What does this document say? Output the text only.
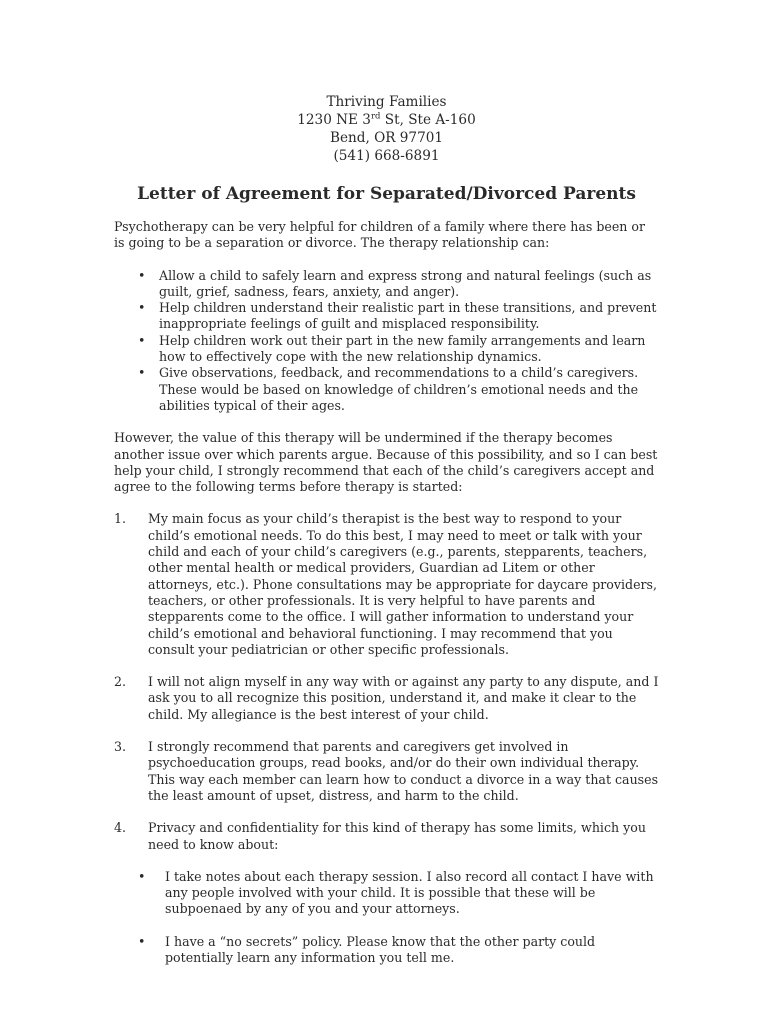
Thriving Families
1230 NE 3rd St, Ste A-160
Bend, OR 97701
(541) 668-6891
Letter of Agreement for Separated/Divorced Parents

Psychotherapy can be very helpful for children of a family where there has been or is going to be a separation or divorce. The therapy relationship can:

• Allow a child to safely learn and express strong and natural feelings (such as guilt, grief, sadness, fears, anxiety, and anger).
• Help children understand their realistic part in these transitions, and prevent inappropriate feelings of guilt and misplaced responsibility.
• Help children work out their part in the new family arrangements and learn how to effectively cope with the new relationship dynamics.
• Give observations, feedback, and recommendations to a child’s caregivers. These would be based on knowledge of children’s emotional needs and the abilities typical of their ages.

However, the value of this therapy will be undermined if the therapy becomes another issue over which parents argue. Because of this possibility, and so I can best help your child, I strongly recommend that each of the child’s caregivers accept and agree to the following terms before therapy is started:

1. My main focus as your child’s therapist is the best way to respond to your child’s emotional needs. To do this best, I may need to meet or talk with your child and each of your child’s caregivers (e.g., parents, stepparents, teachers, other mental health or medical providers, Guardian ad Litem or other attorneys, etc.). Phone consultations may be appropriate for daycare providers, teachers, or other professionals. It is very helpful to have parents and stepparents come to the office. I will gather information to understand your child’s emotional and behavioral functioning. I may recommend that you consult your pediatrician or other specific professionals.
2. I will not align myself in any way with or against any party to any dispute, and I ask you to all recognize this position, understand it, and make it clear to the child. My allegiance is the best interest of your child.
3. I strongly recommend that parents and caregivers get involved in psychoeducation groups, read books, and/or do their own individual therapy. This way each member can learn how to conduct a divorce in a way that causes the least amount of upset, distress, and harm to the child.
4. Privacy and confidentiality for this kind of therapy has some limits, which you need to know about:
• I take notes about each therapy session. I also record all contact I have with any people involved with your child. It is possible that these will be subpoenaed by any of you and your attorneys.
• I have a “no secrets” policy. Please know that the other party could potentially learn any information you tell me.
